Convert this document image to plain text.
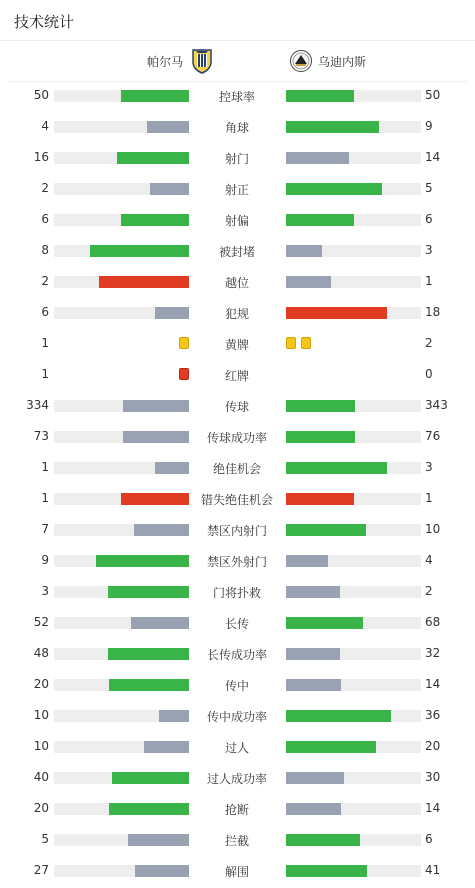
技术统计
帕尔马	乌迪内斯
50	控球率	50
4	角球	9
16	射门	14
2	射正	5
6	射偏	6
8	被封堵	3
2	越位	1
6	犯规	18
1	黄牌	2
1	红牌	0
334	传球	343
73	传球成功率	76
1	绝佳机会	3
1	错失绝佳机会	1
7	禁区内射门	10
9	禁区外射门	4
3	门将扑救	2
52	长传	68
48	长传成功率	32
20	传中	14
10	传中成功率	36
10	过人	20
40	过人成功率	30
20	抢断	14
5	拦截	6
27	解围	41
